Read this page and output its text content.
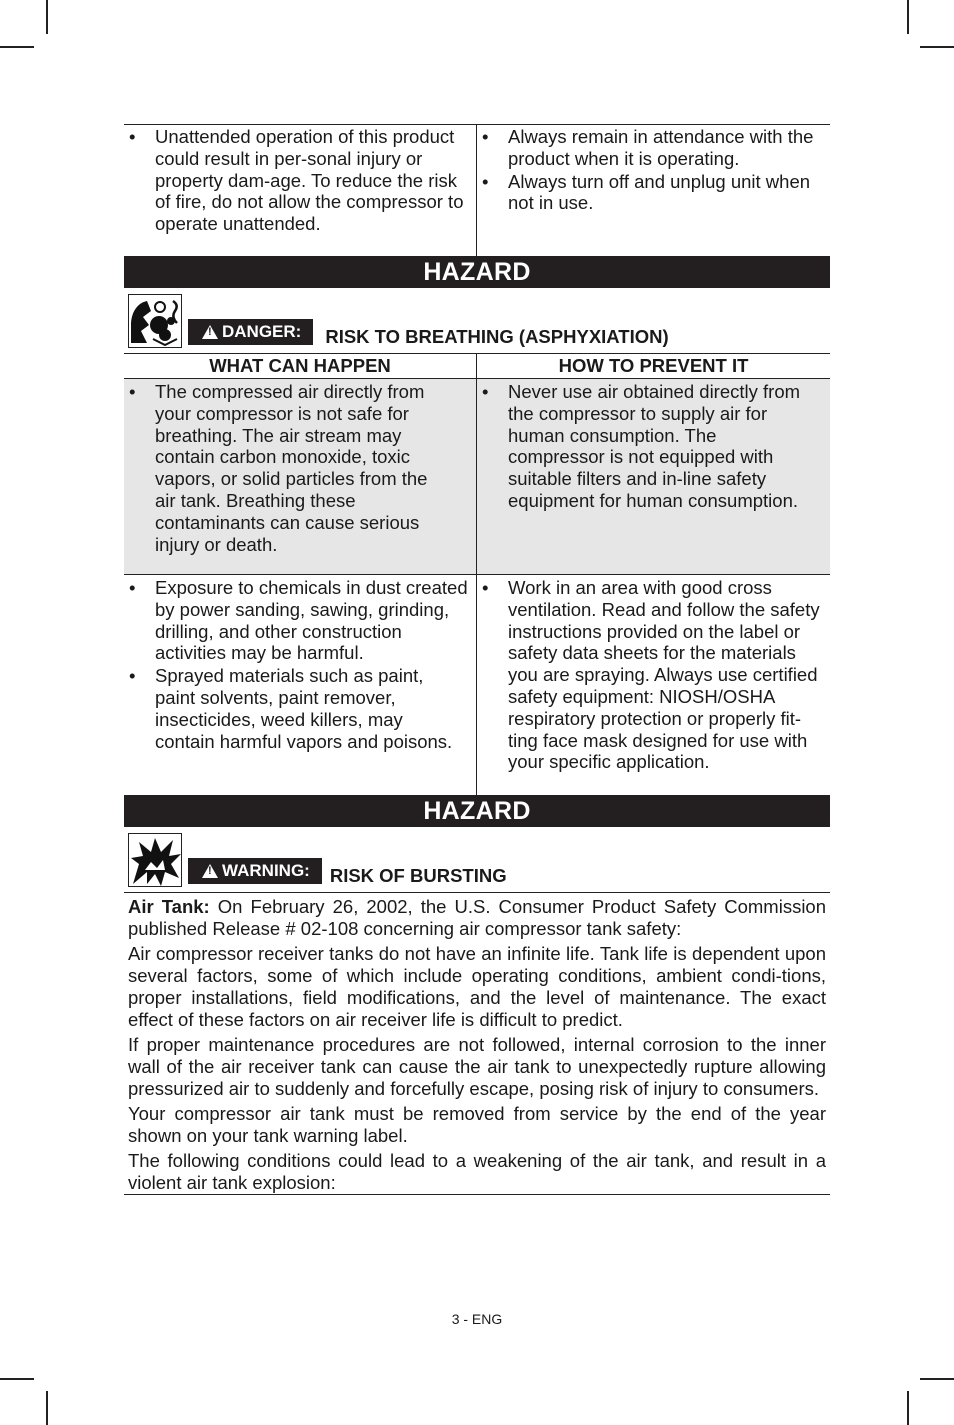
• Unattended operation of this product could result in per-sonal injury or property dam-age. To reduce the risk of fire, do not allow the compressor to operate unattended.
• Always remain in attendance with the product when it is operating.
• Always turn off and unplug unit when not in use.
HAZARD
!
DANGER: RISK TO BREATHING (ASPHYXIATION)
WHAT CAN HAPPEN	HOW TO PREVENT IT
• The compressed air directly from your compressor is not safe for breathing. The air stream may contain carbon monoxide, toxic vapors, or solid particles from the air tank. Breathing these contaminants can cause serious injury or death.
• Never use air obtained directly from the compressor to supply air for human consumption. The compressor is not equipped with suitable filters and in-line safety equipment for human consumption.
• Exposure to chemicals in dust created by power sanding, sawing, grinding, drilling, and other construction activities may be harmful.
• Sprayed materials such as paint, paint solvents, paint remover, insecticides, weed killers, may contain harmful vapors and poisons.
• Work in an area with good cross ventilation. Read and follow the safety instructions provided on the label or safety data sheets for the materials you are spraying. Always use certified safety equipment: NIOSH/OSHA respiratory protection or properly fit-ting face mask designed for use with your specific application.
HAZARD
!
WARNING: RISK OF BURSTING

Air Tank: On February 26, 2002, the U.S. Consumer Product Safety Commission published Release # 02-108 concerning air compressor tank safety:

Air compressor receiver tanks do not have an infinite life. Tank life is dependent upon several factors, some of which include operating conditions, ambient condi-tions, proper installations, field modifications, and the level of maintenance. The exact effect of these factors on air receiver life is difficult to predict.

If proper maintenance procedures are not followed, internal corrosion to the inner wall of the air receiver tank can cause the air tank to unexpectedly rupture allowing pressurized air to suddenly and forcefully escape, posing risk of injury to consumers.

Your compressor air tank must be removed from service by the end of the year shown on your tank warning label.

The following conditions could lead to a weakening of the air tank, and result in a violent air tank explosion:

3 - ENG
